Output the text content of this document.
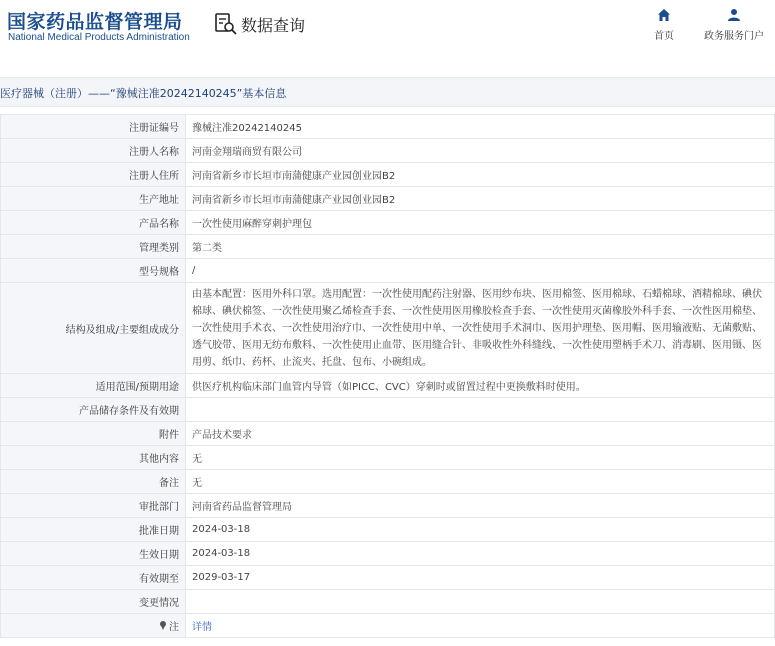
国家药品监督管理局
National Medical Products Administration
数据查询
首页	政务服务门户
医疗器械（注册）——“豫械注准20242140245”基本信息
注册证编号	豫械注准20242140245
注册人名称	河南金翔瑞商贸有限公司
注册人住所	河南省新乡市长垣市南蒲健康产业园创业园B2
生产地址	河南省新乡市长垣市南蒲健康产业园创业园B2
产品名称	一次性使用麻醉穿刺护理包
管理类别	第二类
型号规格	/
结构及组成/主要组成成分	由基本配置：医用外科口罩。选用配置：一次性使用配药注射器、医用纱布块、医用棉签、医用棉球、石蜡棉球、酒精棉球、碘伏棉球、碘伏棉签、一次性使用聚乙烯检查手套、一次性使用医用橡胶检查手套、一次性使用灭菌橡胶外科手套、一次性医用棉垫、一次性使用手术衣、一次性使用治疗巾、一次性使用中单、一次性使用手术洞巾、医用护理垫、医用帽、医用输液贴、无菌敷贴、透气胶带、医用无纺布敷料、一次性使用止血带、医用缝合针、非吸收性外科缝线、一次性使用塑柄手术刀、消毒刷、医用镊、医用剪、纸巾、药杯、止流夹、托盘、包布、小碗组成。
适用范围/预期用途	供医疗机构临床部门血管内导管（如PICC、CVC）穿刺时或留置过程中更换敷料时使用。
产品储存条件及有效期	
附件	产品技术要求
其他内容	无
备注	无
审批部门	河南省药品监督管理局
批准日期	2024-03-18
生效日期	2024-03-18
有效期至	2029-03-17
变更情况	

注	详情
